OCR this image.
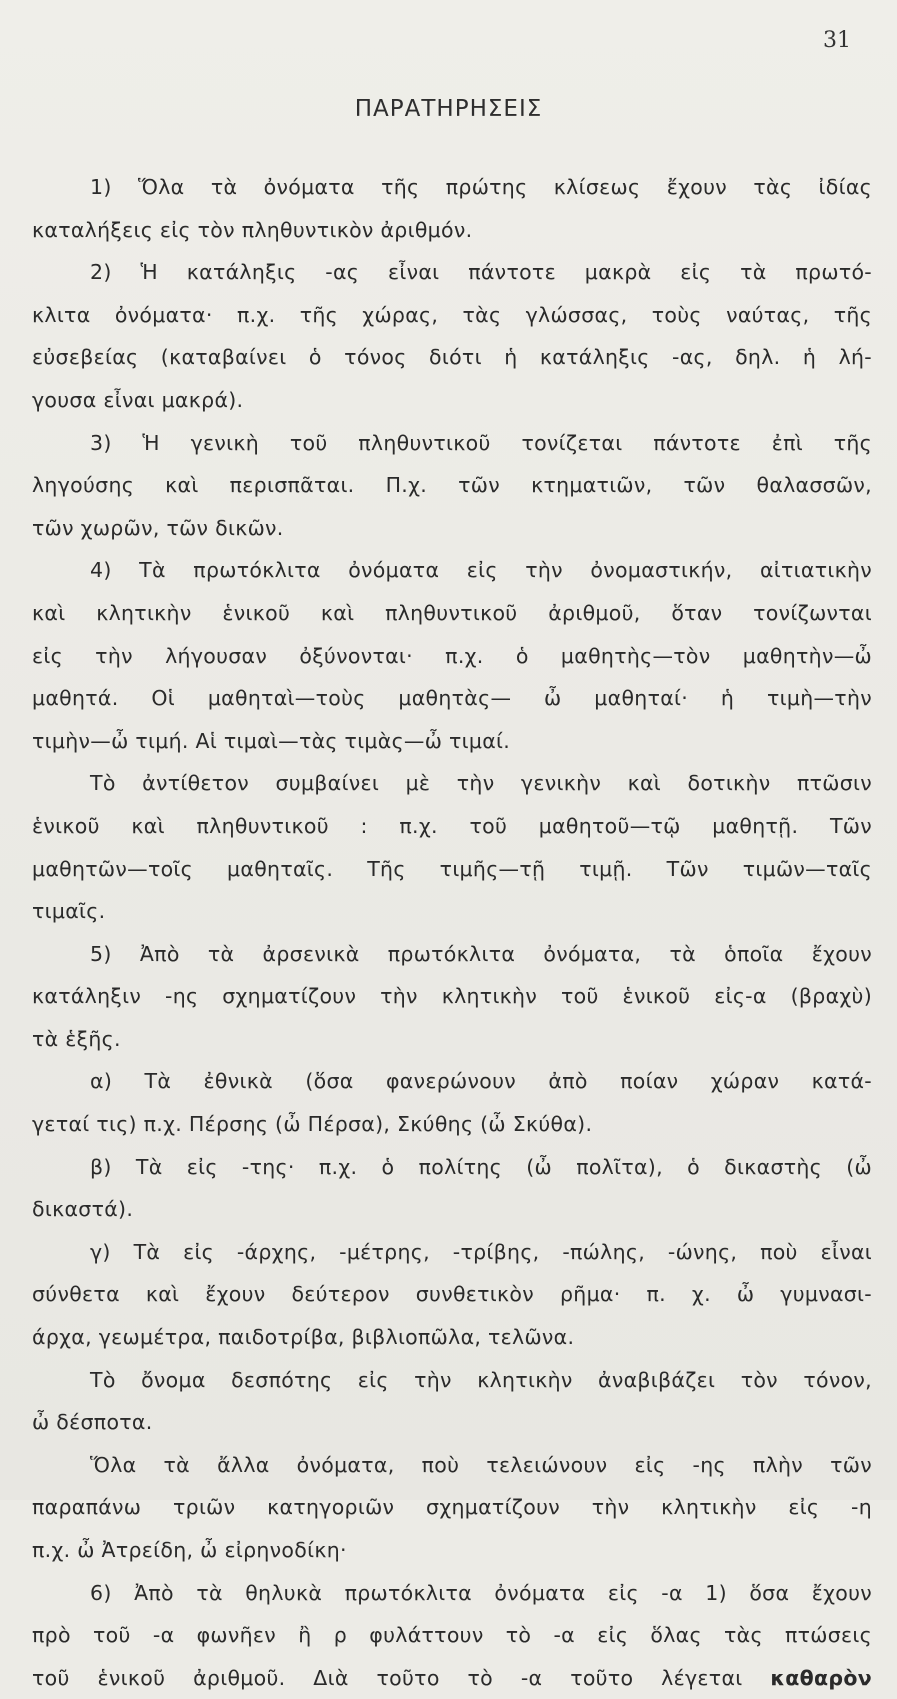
31
ΠΑΡΑΤΗΡΗΣΕΙΣ
1) Ὅλα τὰ ὀνόματα τῆς πρώτης κλίσεως ἔχουν τὰς ἰδίας
καταλήξεις εἰς τὸν πληθυντικὸν ἀριθμόν.
2) Ἡ κατάληξις -ας εἶναι πάντοτε μακρὰ εἰς τὰ πρωτό-
κλιτα ὀνόματα· π.χ. τῆς χώρας, τὰς γλώσσας, τοὺς ναύτας, τῆς
εὐσεβείας (καταβαίνει ὁ τόνος διότι ἡ κατάληξις -ας, δηλ. ἡ λή-
γουσα εἶναι μακρά).
3) Ἡ γενικὴ τοῦ πληθυντικοῦ τονίζεται πάντοτε ἐπὶ τῆς
ληγούσης καὶ περισπᾶται. Π.χ. τῶν κτηματιῶν, τῶν θαλασσῶν,
τῶν χωρῶν, τῶν δικῶν.
4) Τὰ πρωτόκλιτα ὀνόματα εἰς τὴν ὀνομαστικήν, αἰτιατικὴν
καὶ κλητικὴν ἑνικοῦ καὶ πληθυντικοῦ ἀριθμοῦ, ὅταν τονίζωνται
εἰς τὴν λήγουσαν ὀξύνονται· π.χ. ὁ μαθητὴς—τὸν μαθητὴν—ὦ
μαθητά. Οἱ μαθηταὶ—τοὺς μαθητὰς— ὦ μαθηταί· ἡ τιμὴ—τὴν
τιμὴν—ὦ τιμή. Αἱ τιμαὶ—τὰς τιμὰς—ὦ τιμαί.
Τὸ ἀντίθετον συμβαίνει μὲ τὴν γενικὴν καὶ δοτικὴν πτῶσιν
ἑνικοῦ καὶ πληθυντικοῦ : π.χ. τοῦ μαθητοῦ—τῷ μαθητῇ. Τῶν
μαθητῶν—τοῖς μαθηταῖς. Τῆς τιμῆς—τῇ τιμῇ. Τῶν τιμῶν—ταῖς
τιμαῖς.
5) Ἀπὸ τὰ ἀρσενικὰ πρωτόκλιτα ὀνόματα, τὰ ὁποῖα ἔχουν
κατάληξιν -ης σχηματίζουν τὴν κλητικὴν τοῦ ἑνικοῦ εἰς-α (βραχὺ)
τὰ ἑξῆς.
α) Τὰ ἐθνικὰ (ὅσα φανερώνουν ἀπὸ ποίαν χώραν κατά-
γεταί τις) π.χ. Πέρσης (ὦ Πέρσα), Σκύθης (ὦ Σκύθα).
β) Τὰ εἰς -της· π.χ. ὁ πολίτης (ὦ πολῖτα), ὁ δικαστὴς (ὦ
δικαστά).
γ) Τὰ εἰς -άρχης, -μέτρης, -τρίβης, -πώλης, -ώνης, ποὺ εἶναι
σύνθετα καὶ ἔχουν δεύτερον συνθετικὸν ρῆμα· π. χ. ὦ γυμνασι-
άρχα, γεωμέτρα, παιδοτρίβα, βιβλιοπῶλα, τελῶνα.
Τὸ ὄνομα δεσπότης εἰς τὴν κλητικὴν ἀναβιβάζει τὸν τόνον,
ὦ δέσποτα.
Ὅλα τὰ ἄλλα ὀνόματα, ποὺ τελειώνουν εἰς -ης πλὴν τῶν
παραπάνω τριῶν κατηγοριῶν σχηματίζουν τὴν κλητικὴν εἰς -η
π.χ. ὦ Ἀτρείδη, ὦ εἰρηνοδίκη·
6) Ἀπὸ τὰ θηλυκὰ πρωτόκλιτα ὀνόματα εἰς -α 1) ὅσα ἔχουν
πρὸ τοῦ -α φωνῆεν ἢ ρ φυλάττουν τὸ -α εἰς ὅλας τὰς πτώσεις
τοῦ ἑνικοῦ ἀριθμοῦ. Διὰ τοῦτο τὸ -α τοῦτο λέγεται καθαρὸν
